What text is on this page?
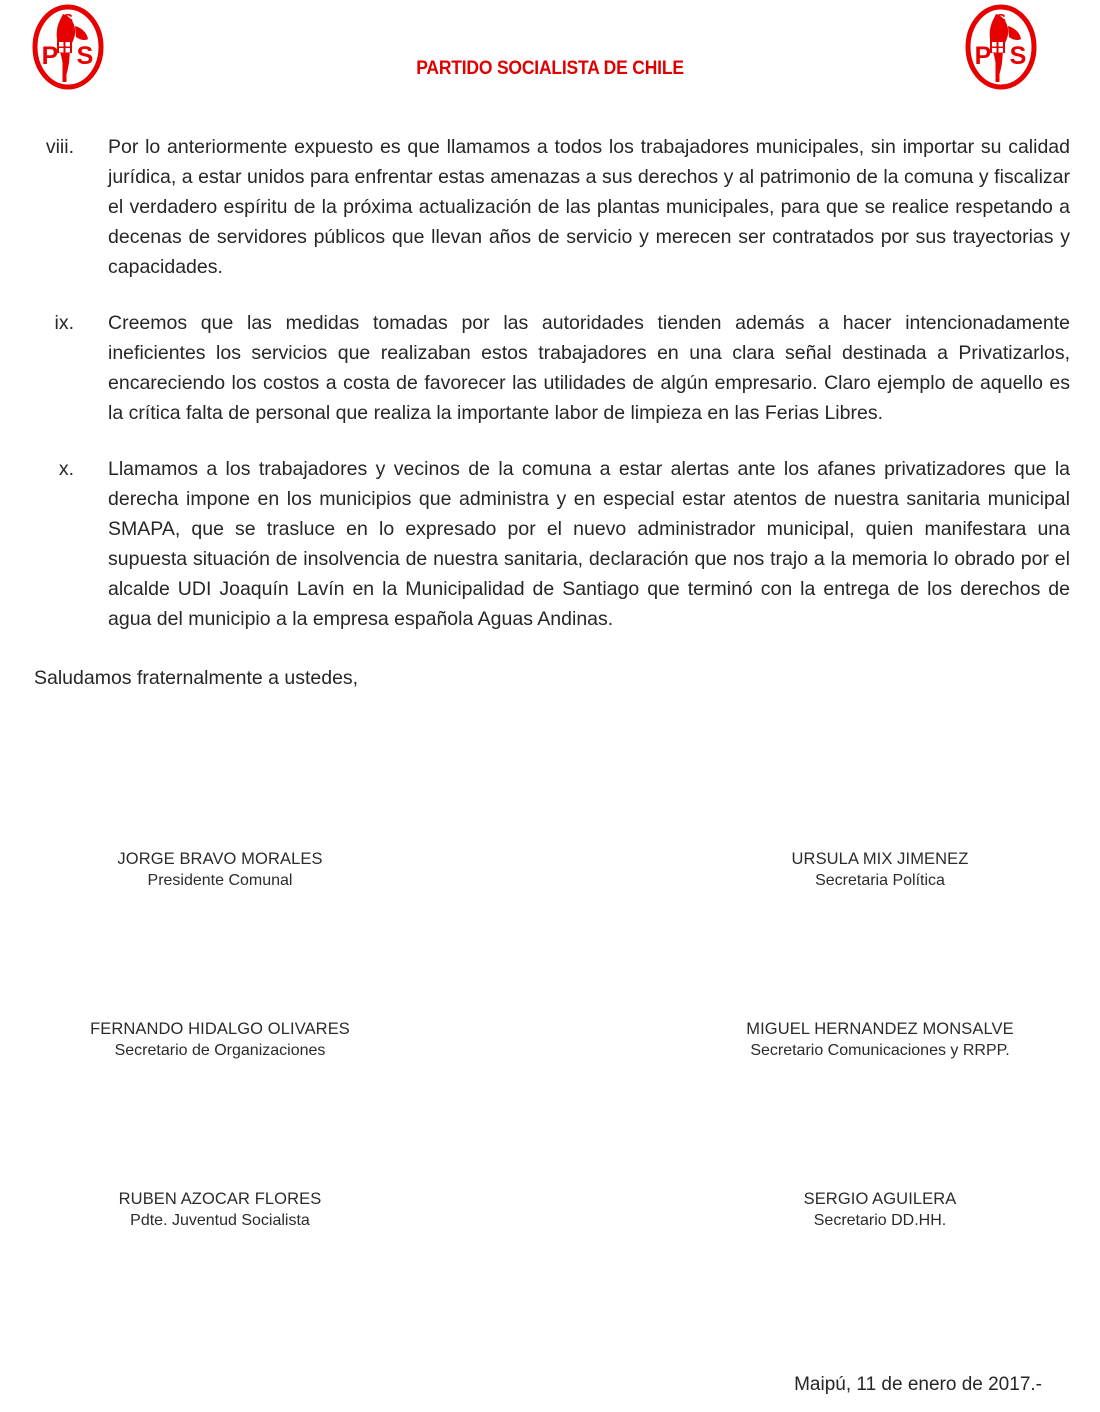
P S
S
PARTIDO SOCIALISTA DE CHILE	P S
S
viii. Por lo anteriormente expuesto es que llamamos a todos los trabajadores municipales, sin importar su calidad jurídica, a estar unidos para enfrentar estas amenazas a sus derechos y al patrimonio de la comuna y fiscalizar el verdadero espíritu de la próxima actualización de las plantas municipales, para que se realice respetando a decenas de servidores públicos que llevan años de servicio y merecen ser contratados por sus trayectorias y capacidades.
ix. Creemos que las medidas tomadas por las autoridades tienden además a hacer intencionadamente ineficientes los servicios que realizaban estos trabajadores en una clara señal destinada a Privatizarlos, encareciendo los costos a costa de favorecer las utilidades de algún empresario. Claro ejemplo de aquello es la crítica falta de personal que realiza la importante labor de limpieza en las Ferias Libres.
x. Llamamos a los trabajadores y vecinos de la comuna a estar alertas ante los afanes privatizadores que la derecha impone en los municipios que administra y en especial estar atentos de nuestra sanitaria municipal SMAPA, que se trasluce en lo expresado por el nuevo administrador municipal, quien manifestara una supuesta situación de insolvencia de nuestra sanitaria, declaración que nos trajo a la memoria lo obrado por el alcalde UDI Joaquín Lavín en la Municipalidad de Santiago que terminó con la entrega de los derechos de agua del municipio a la empresa española Aguas Andinas.
Saludamos fraternalmente a ustedes,
JORGE BRAVO MORALES
Presidente Comunal
URSULA MIX JIMENEZ
Secretaria Política
FERNANDO HIDALGO OLIVARES
Secretario de Organizaciones
MIGUEL HERNANDEZ MONSALVE
Secretario Comunicaciones y RRPP.
RUBEN AZOCAR FLORES
Pdte. Juventud Socialista
SERGIO AGUILERA
Secretario DD.HH.
Maipú, 11 de enero de 2017.-
